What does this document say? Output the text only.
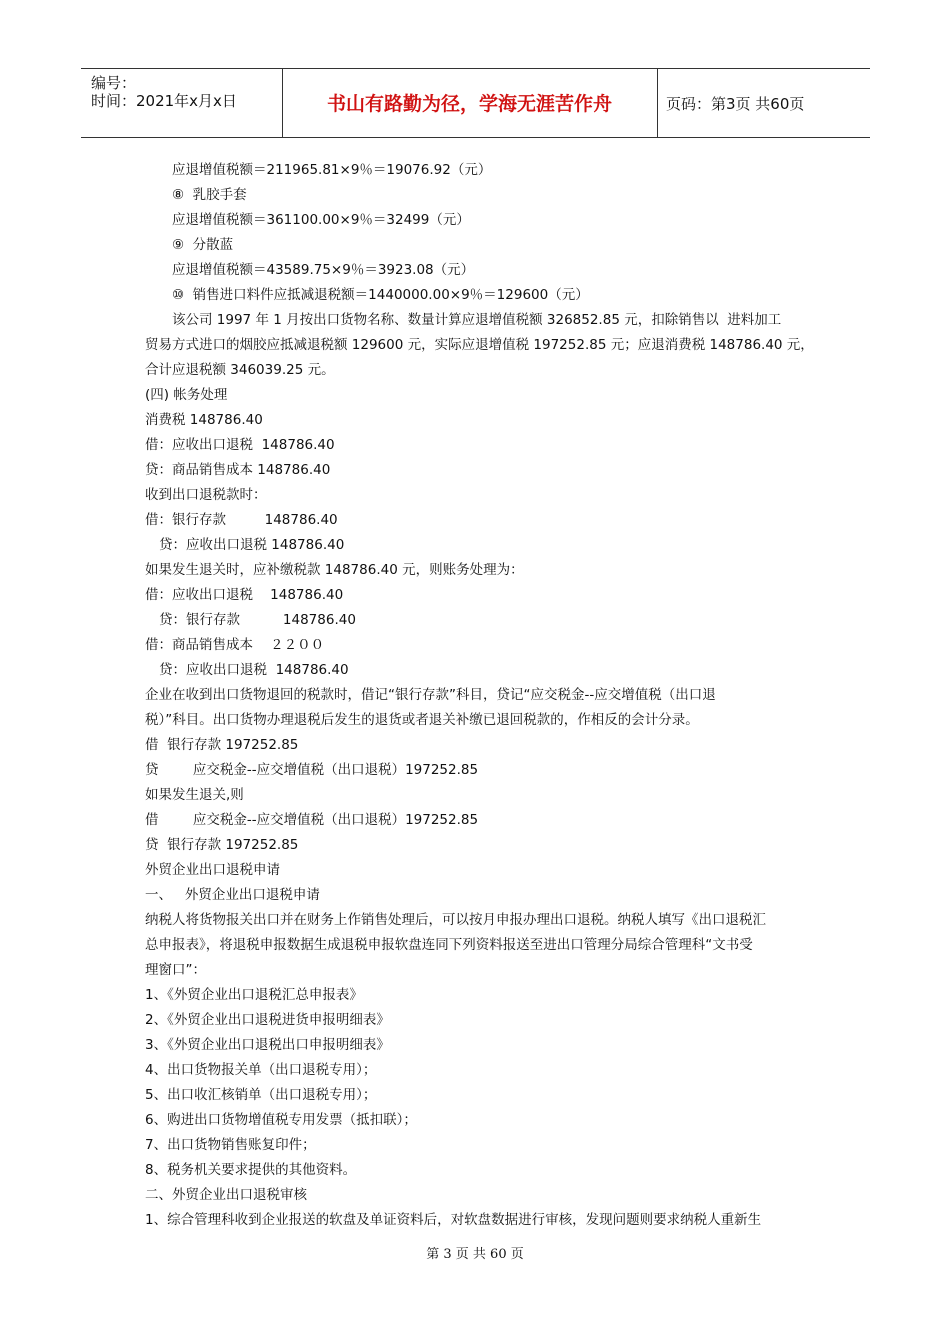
编号：
时间：2021年x月x日	书山有路勤为径，学海无涯苦作舟	页码：第3页 共60页
应退增值税额＝211965.81×9％＝19076.92（元）
⑧  乳胶手套
应退增值税额＝361100.00×9％＝32499（元）
⑨  分散蓝
应退增值税额＝43589.75×9％＝3923.08（元）
⑩  销售进口料件应抵减退税额＝1440000.00×9％＝129600（元）
该公司 1997 年 1 月按出口货物名称、数量计算应退增值税额 326852.85 元，扣除销售以  进料加工
贸易方式进口的烟胶应抵减退税额 129600 元，实际应退增值税 197252.85 元；应退消费税 148786.40 元，
合计应退税额 346039.25 元。
(四) 帐务处理
消费税 148786.40
借：应收出口退税  148786.40
贷：商品销售成本 148786.40
收到出口退税款时：
借：银行存款         148786.40
贷：应收出口退税 148786.40
如果发生退关时，应补缴税款 148786.40 元，则账务处理为：
借：应收出口退税    148786.40
贷：银行存款          148786.40
借：商品销售成本    ２２００
贷：应收出口退税  148786.40
企业在收到出口货物退回的税款时，借记“银行存款”科目，贷记“应交税金--应交增值税（出口退
税）”科目。出口货物办理退税后发生的退货或者退关补缴已退回税款的，作相反的会计分录。
借  银行存款 197252.85
贷        应交税金--应交增值税（出口退税）197252.85
如果发生退关,则
借        应交税金--应交增值税（出口退税）197252.85
贷  银行存款 197252.85
外贸企业出口退税申请
一、   外贸企业出口退税申请
纳税人将货物报关出口并在财务上作销售处理后，可以按月申报办理出口退税。纳税人填写《出口退税汇
总申报表》，将退税申报数据生成退税申报软盘连同下列资料报送至进出口管理分局综合管理科“文书受
理窗口”：
1、《外贸企业出口退税汇总申报表》
2、《外贸企业出口退税进货申报明细表》
3、《外贸企业出口退税出口申报明细表》
4、出口货物报关单（出口退税专用）；
5、出口收汇核销单（出口退税专用）；
6、购进出口货物增值税专用发票（抵扣联）；
7、出口货物销售账复印件；
8、税务机关要求提供的其他资料。
二、外贸企业出口退税审核
1、综合管理科收到企业报送的软盘及单证资料后，对软盘数据进行审核，发现问题则要求纳税人重新生
第 3 页 共 60 页
